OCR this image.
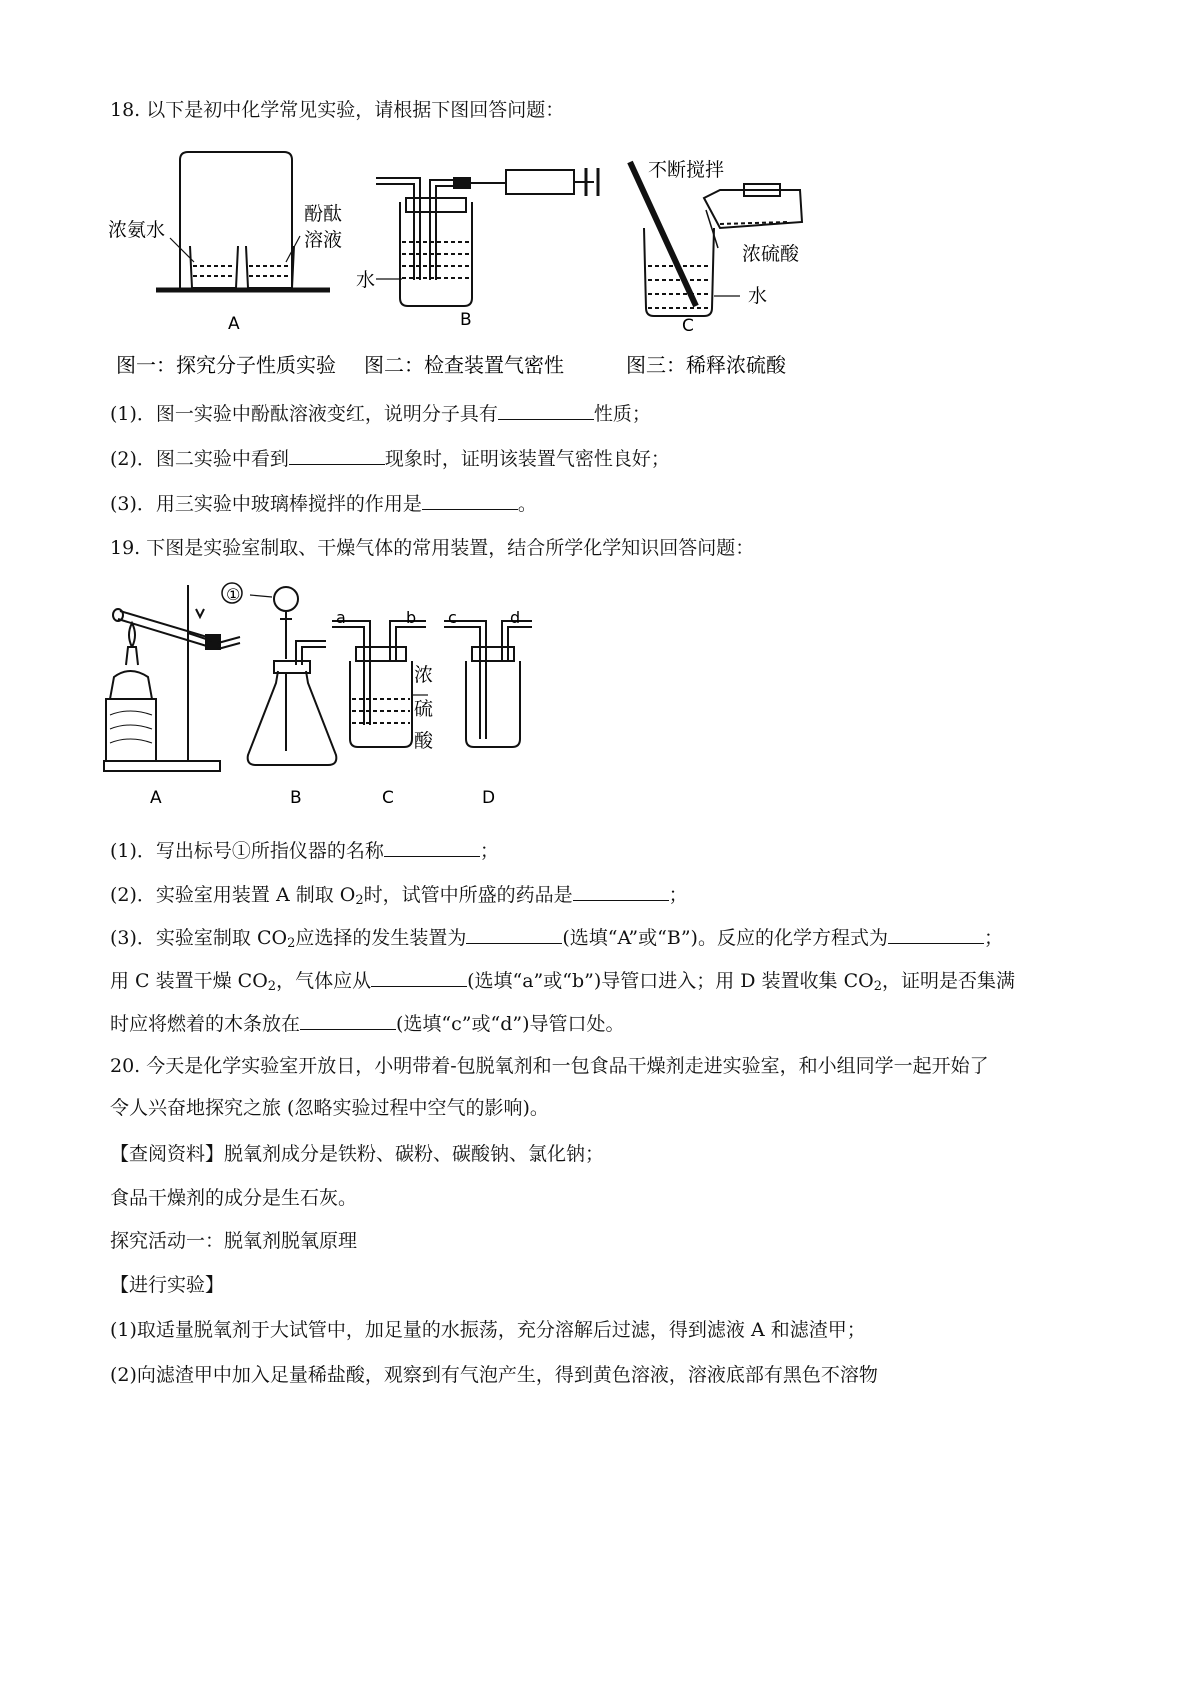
18. 以下是初中化学常见实验，请根据下图回答问题：
浓氨水
酚酞
溶液
A
水
B
不断搅拌
浓硫酸
水
C
图一：探究分子性质实验 图二：检查装置气密性	图三：稀释浓硫酸
(1)．图一实验中酚酞溶液变红，说明分子具有	性质；
(2)．图二实验中看到	现象时，证明该装置气密性良好；
(3)．用三实验中玻璃棒搅拌的作用是	。
19. 下图是实验室制取、干燥气体的常用装置，结合所学化学知识回答问题：
A
①
B
a	b
浓
硫
酸
C
c	d
D
(1)．写出标号①所指仪器的名称	；
(2)．实验室用装置 A 制取 $O_2$时，试管中所盛的药品是	；
(3)．实验室制取 $CO_2$应选择的发生装置为	(选填“A”或“B”)。反应的化学方程式为	；
用 C 装置干燥 $CO_2$，气体应从	(选填“a”或“b”)导管口进入；用 D 装置收集 $CO_2$，证明是否集满
时应将燃着的木条放在	(选填“c”或“d”)导管口处。
20. 今天是化学实验室开放日，小明带着-包脱氧剂和一包食品干燥剂走进实验室，和小组同学一起开始了
令人兴奋地探究之旅 (忽略实验过程中空气的影响)。
【查阅资料】脱氧剂成分是铁粉、碳粉、碳酸钠、氯化钠；
食品干燥剂的成分是生石灰。
探究活动一：脱氧剂脱氧原理
【进行实验】
(1)取适量脱氧剂于大试管中，加足量的水振荡，充分溶解后过滤，得到滤液 A 和滤渣甲；
(2)向滤渣甲中加入足量稀盐酸，观察到有气泡产生，得到黄色溶液，溶液底部有黑色不溶物
